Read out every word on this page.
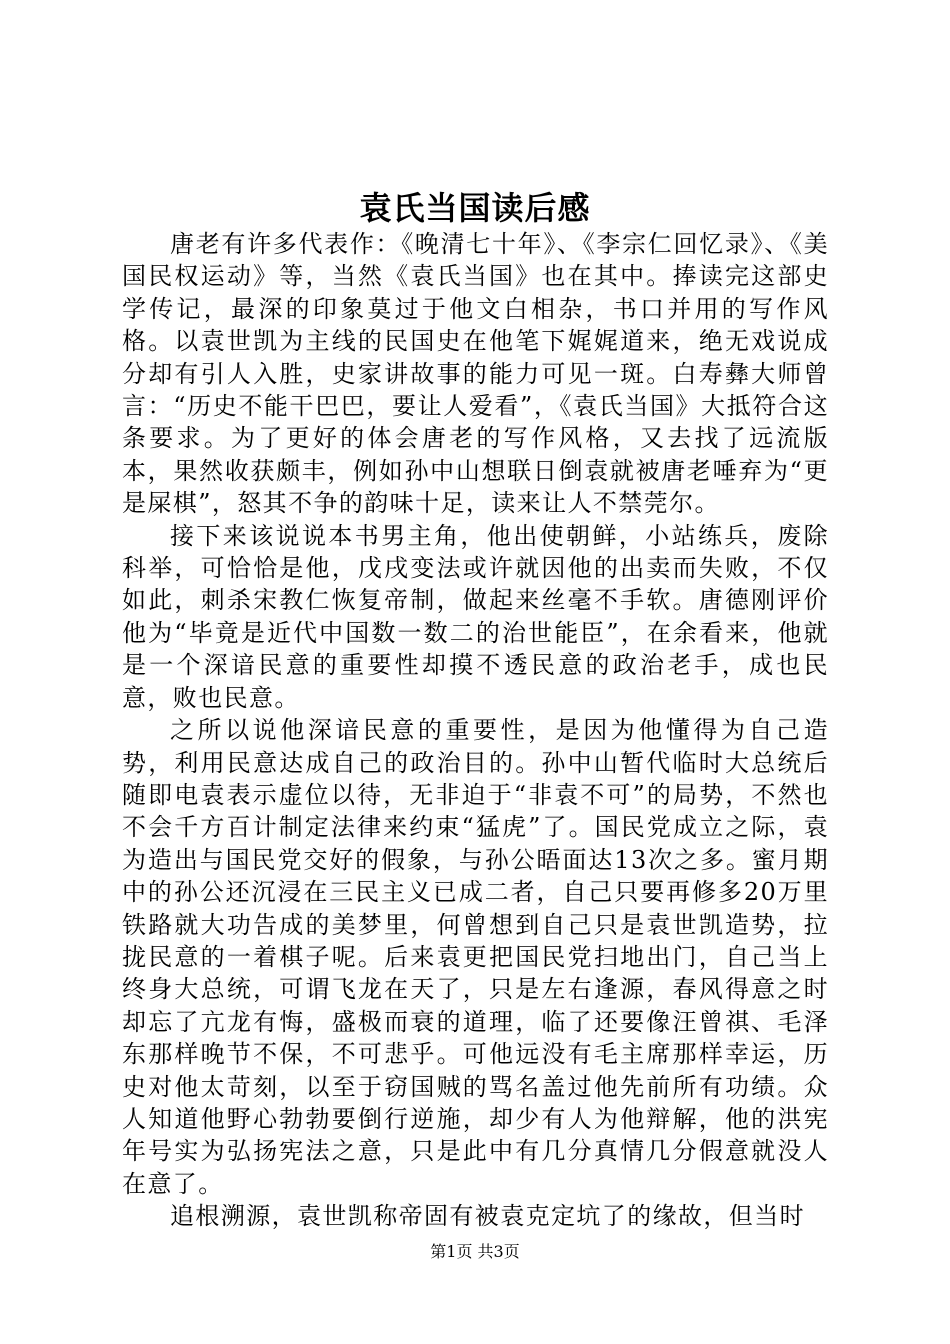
袁氏当国读后感

唐老有许多代表作：《晚清七十年》、《李宗仁回忆录》、《美国民权运动》等，当然《袁氏当国》也在其中。捧读完这部史学传记，最深的印象莫过于他文白相杂，书口并用的写作风格。以袁世凯为主线的民国史在他笔下娓娓道来，绝无戏说成分却有引人入胜，史家讲故事的能力可见一斑。白寿彝大师曾言：“历史不能干巴巴，要让人爱看”，《袁氏当国》大抵符合这条要求。为了更好的体会唐老的写作风格，又去找了远流版本，果然收获颇丰，例如孙中山想联日倒袁就被唐老唾弃为“更是屎棋”，怒其不争的韵味十足，读来让人不禁莞尔。

接下来该说说本书男主角，他出使朝鲜，小站练兵，废除科举，可恰恰是他，戊戌变法或许就因他的出卖而失败，不仅如此，刺杀宋教仁恢复帝制，做起来丝毫不手软。唐德刚评价他为“毕竟是近代中国数一数二的治世能臣”，在余看来，他就是一个深谙民意的重要性却摸不透民意的政治老手，成也民意，败也民意。

之所以说他深谙民意的重要性，是因为他懂得为自己造势，利用民意达成自己的政治目的。孙中山暂代临时大总统后随即电袁表示虚位以待，无非迫于“非袁不可”的局势，不然也不会千方百计制定法律来约束“猛虎”了。国民党成立之际，袁为造出与国民党交好的假象，与孙公晤面达13次之多。蜜月期中的孙公还沉浸在三民主义已成二者，自己只要再修多20万里铁路就大功告成的美梦里，何曾想到自己只是袁世凯造势，拉拢民意的一着棋子呢。后来袁更把国民党扫地出门，自己当上终身大总统，可谓飞龙在天了，只是左右逢源，春风得意之时却忘了亢龙有悔，盛极而衰的道理，临了还要像汪曾祺、毛泽东那样晚节不保，不可悲乎。可他远没有毛主席那样幸运，历史对他太苛刻，以至于窃国贼的骂名盖过他先前所有功绩。众人知道他野心勃勃要倒行逆施，却少有人为他辩解，他的洪宪年号实为弘扬宪法之意，只是此中有几分真情几分假意就没人在意了。

追根溯源，袁世凯称帝固有被袁克定坑了的缘故，但当时

第1页 共3页
